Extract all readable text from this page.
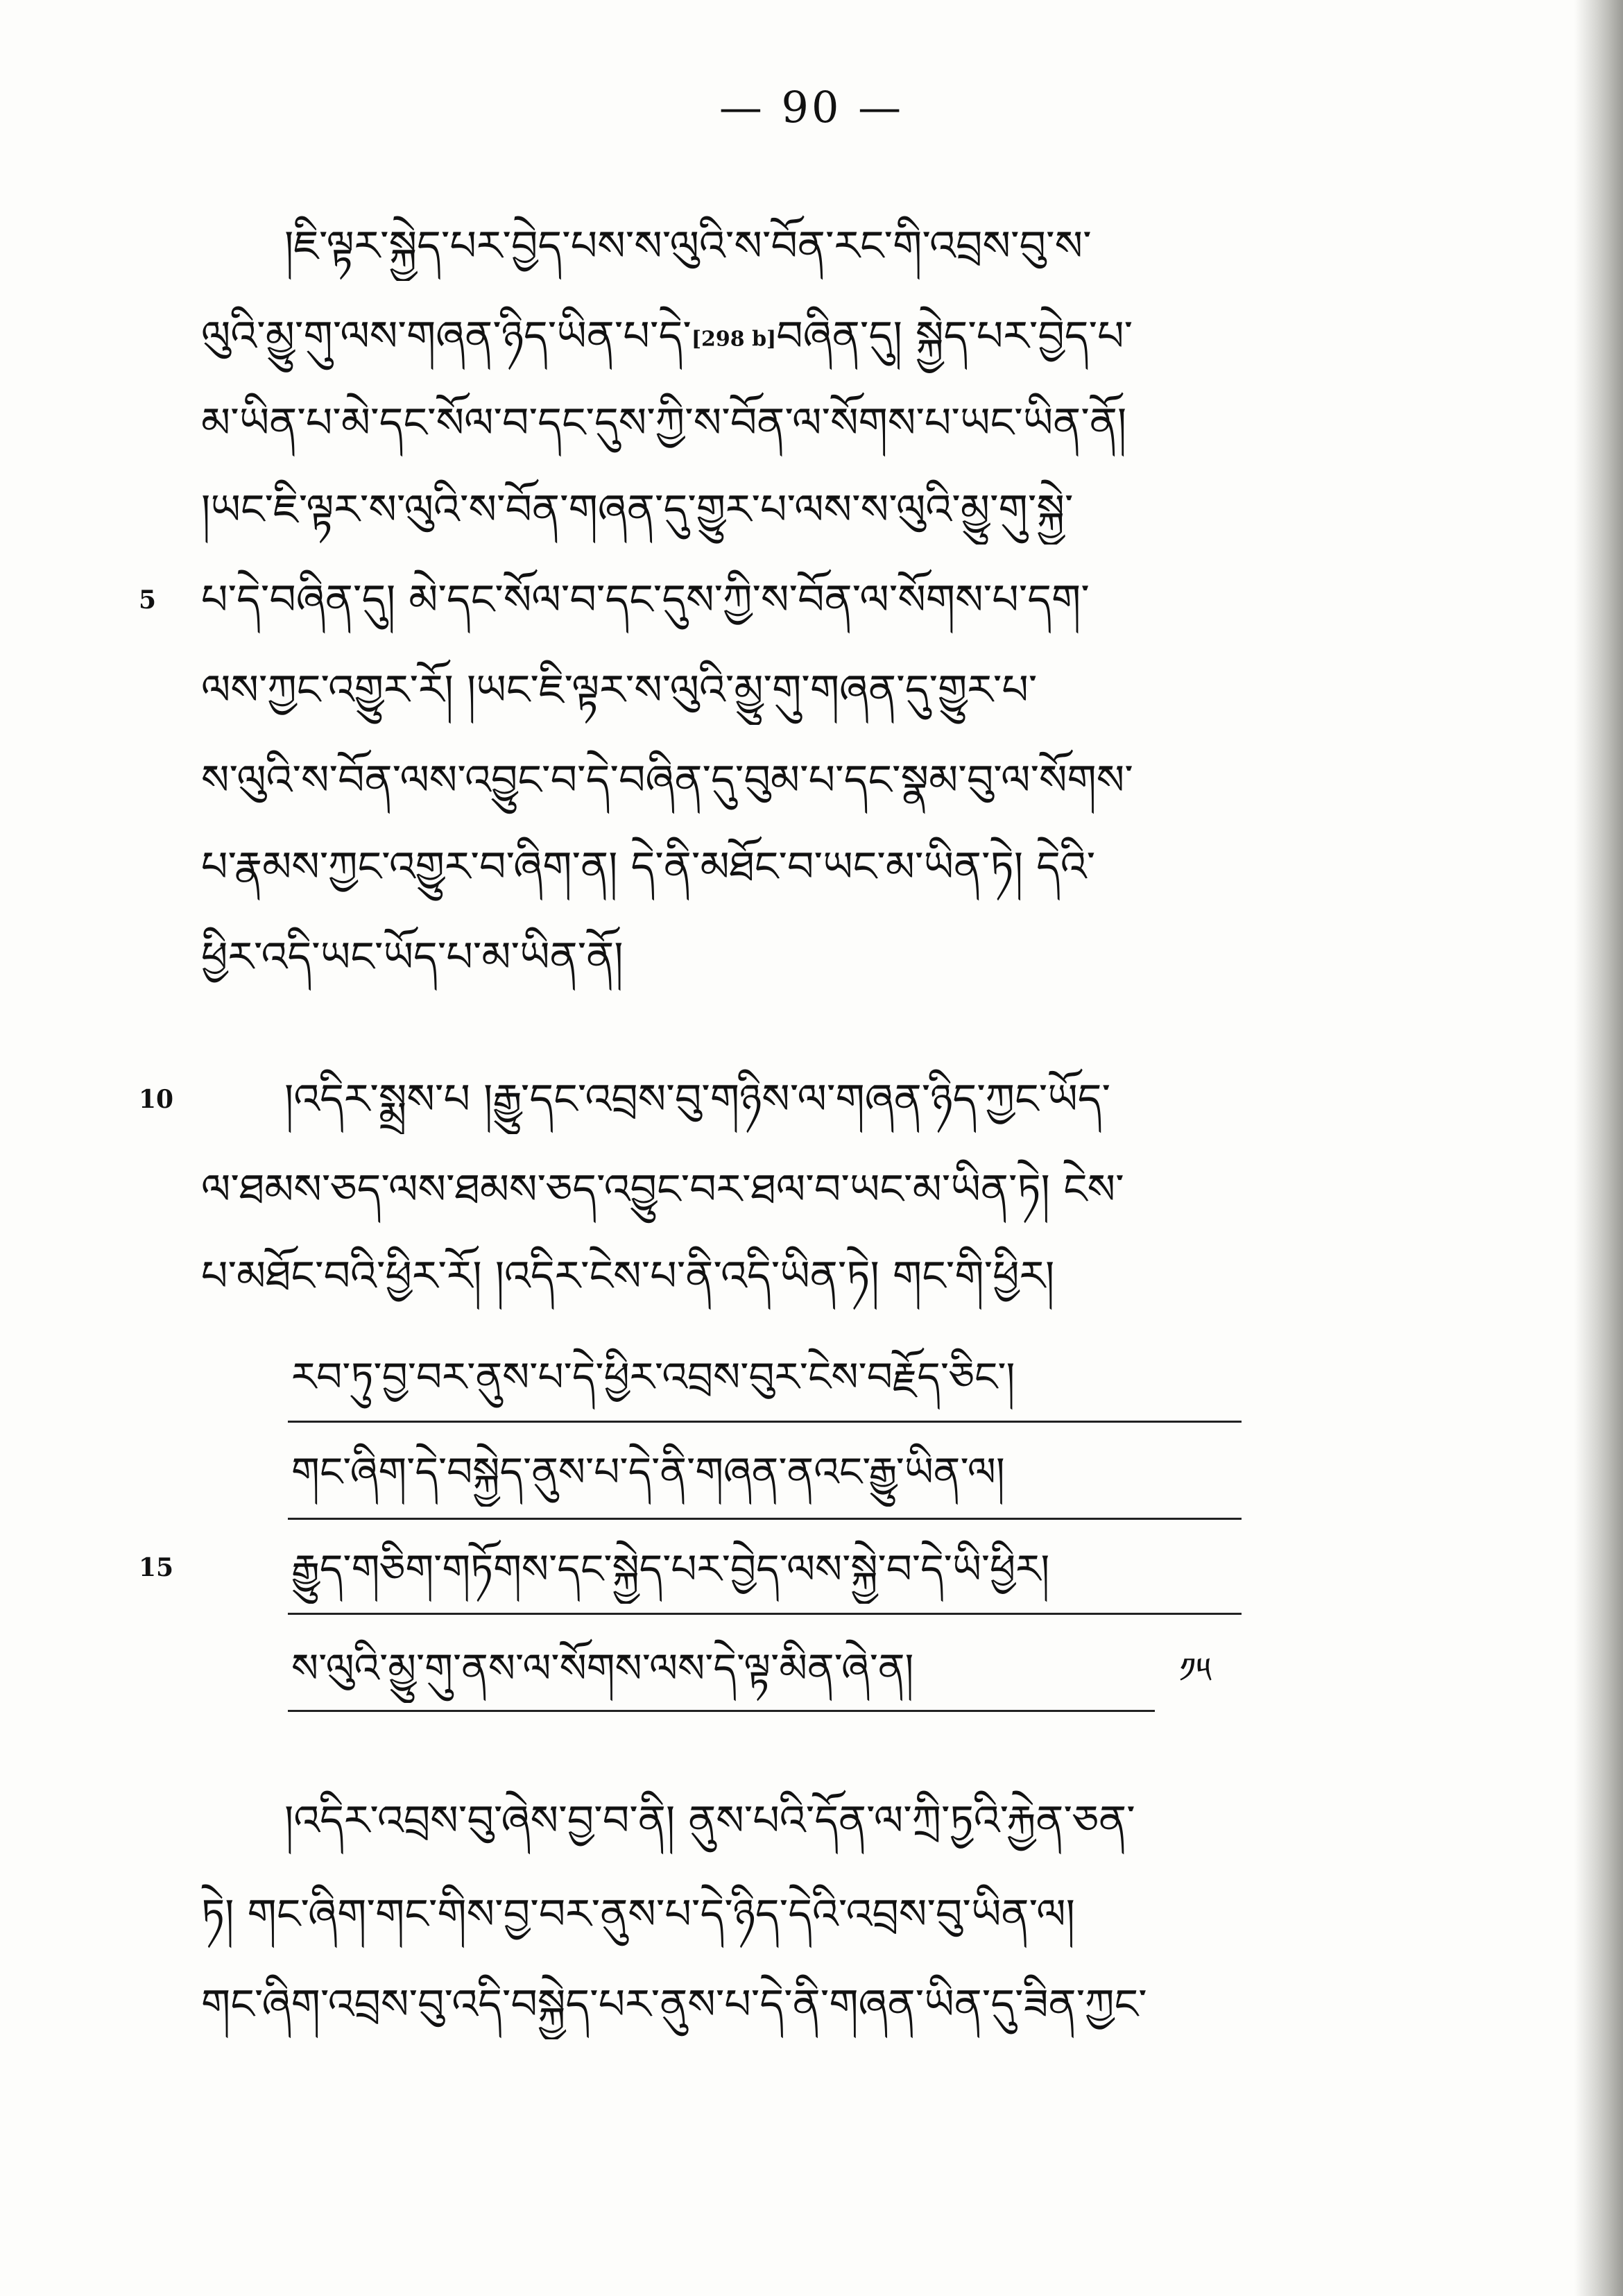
— 90 —
།ཇི་ལྟར་སྐྱེད་པར་བྱེད་པས་ས་ལུའི་ས་བོན་རང་གི་འབྲས་བུ་ས་
ལུའི་མྱུ་གུ་ལས་གཞན་ཉིད་ཡིན་པ་དེ་[298 b]བཞིན་དུ། སྐྱེད་པར་བྱེད་པ་
མ་ཡིན་པ་མེ་དང་སོལ་བ་དང་དུས་ཀྱི་ས་བོན་ལ་སོགས་པ་ཡང་ཡིན་ནོ།
།ཡང་ཇི་ལྟར་ས་ལུའི་ས་བོན་གཞན་དུ་གྱུར་པ་ལས་ས་ལུའི་མྱུ་གུ་སྐྱེ་
5 པ་དེ་བཞིན་དུ། མེ་དང་སོལ་བ་དང་དུས་ཀྱི་ས་བོན་ལ་སོགས་པ་དག་
ལས་ཀྱང་འགྱུར་རོ། །ཡང་ཇི་ལྟར་ས་ལུའི་མྱུ་གུ་གཞན་དུ་གྱུར་པ་
ས་ལུའི་ས་བོན་ལས་འབྱུང་བ་དེ་བཞིན་དུ་བུམ་པ་དང་སྣམ་བུ་ལ་སོགས་
པ་རྣམས་ཀྱང་འགྱུར་བ་ཞིག་ན། དེ་ནི་མཐོང་བ་ཡང་མ་ཡིན་ཏེ། དེའི་
ཕྱིར་འདི་ཡང་ཡོད་པ་མ་ཡིན་ནོ།
10	།འདིར་སྨྲས་པ །རྒྱུ་དང་འབྲས་བུ་གཉིས་ལ་གཞན་ཉིད་ཀྱང་ཡོད་
ལ་ཐམས་ཅད་ལས་ཐམས་ཅད་འབྱུང་བར་ཐལ་བ་ཡང་མ་ཡིན་ཏེ། ངེས་
པ་མཐོང་བའི་ཕྱིར་རོ། །འདིར་ངེས་པ་ནི་འདི་ཡིན་ཏེ། གང་གི་ཕྱིར།
རབ་ཏུ་བྱ་བར་ནུས་པ་དེ་ཕྱིར་འབྲས་བུར་ངེས་བརྗོད་ཅིང་།
གང་ཞིག་དེ་བསྐྱེད་ནུས་པ་དེ་ནི་གཞན་ནའང་རྒྱུ་ཡིན་ལ།
15	རྒྱུད་གཅིག་གཏོགས་དང་སྐྱེད་པར་བྱེད་ལས་སྐྱེ་བ་དེ་ཡི་ཕྱིར།
ས་ལུའི་མྱུ་གུ་ནས་ལ་སོགས་ལས་དེ་ལྟ་མིན་ཞེ་ན།	༡༥
།འདིར་འབྲས་བུ་ཞེས་བྱ་བ་ནི། ནུས་པའི་དོན་ལ་ཀྲི་ཏྱའི་རྐྱེན་ཅན་
ཏེ། གང་ཞིག་གང་གིས་བྱ་བར་ནུས་པ་དེ་ཉིད་དེའི་འབྲས་བུ་ཡིན་ལ།
གང་ཞིག་འབྲས་བུ་འདི་བསྐྱེད་པར་ནུས་པ་དེ་ནི་གཞན་ཡིན་དུ་ཟིན་ཀྱང་
